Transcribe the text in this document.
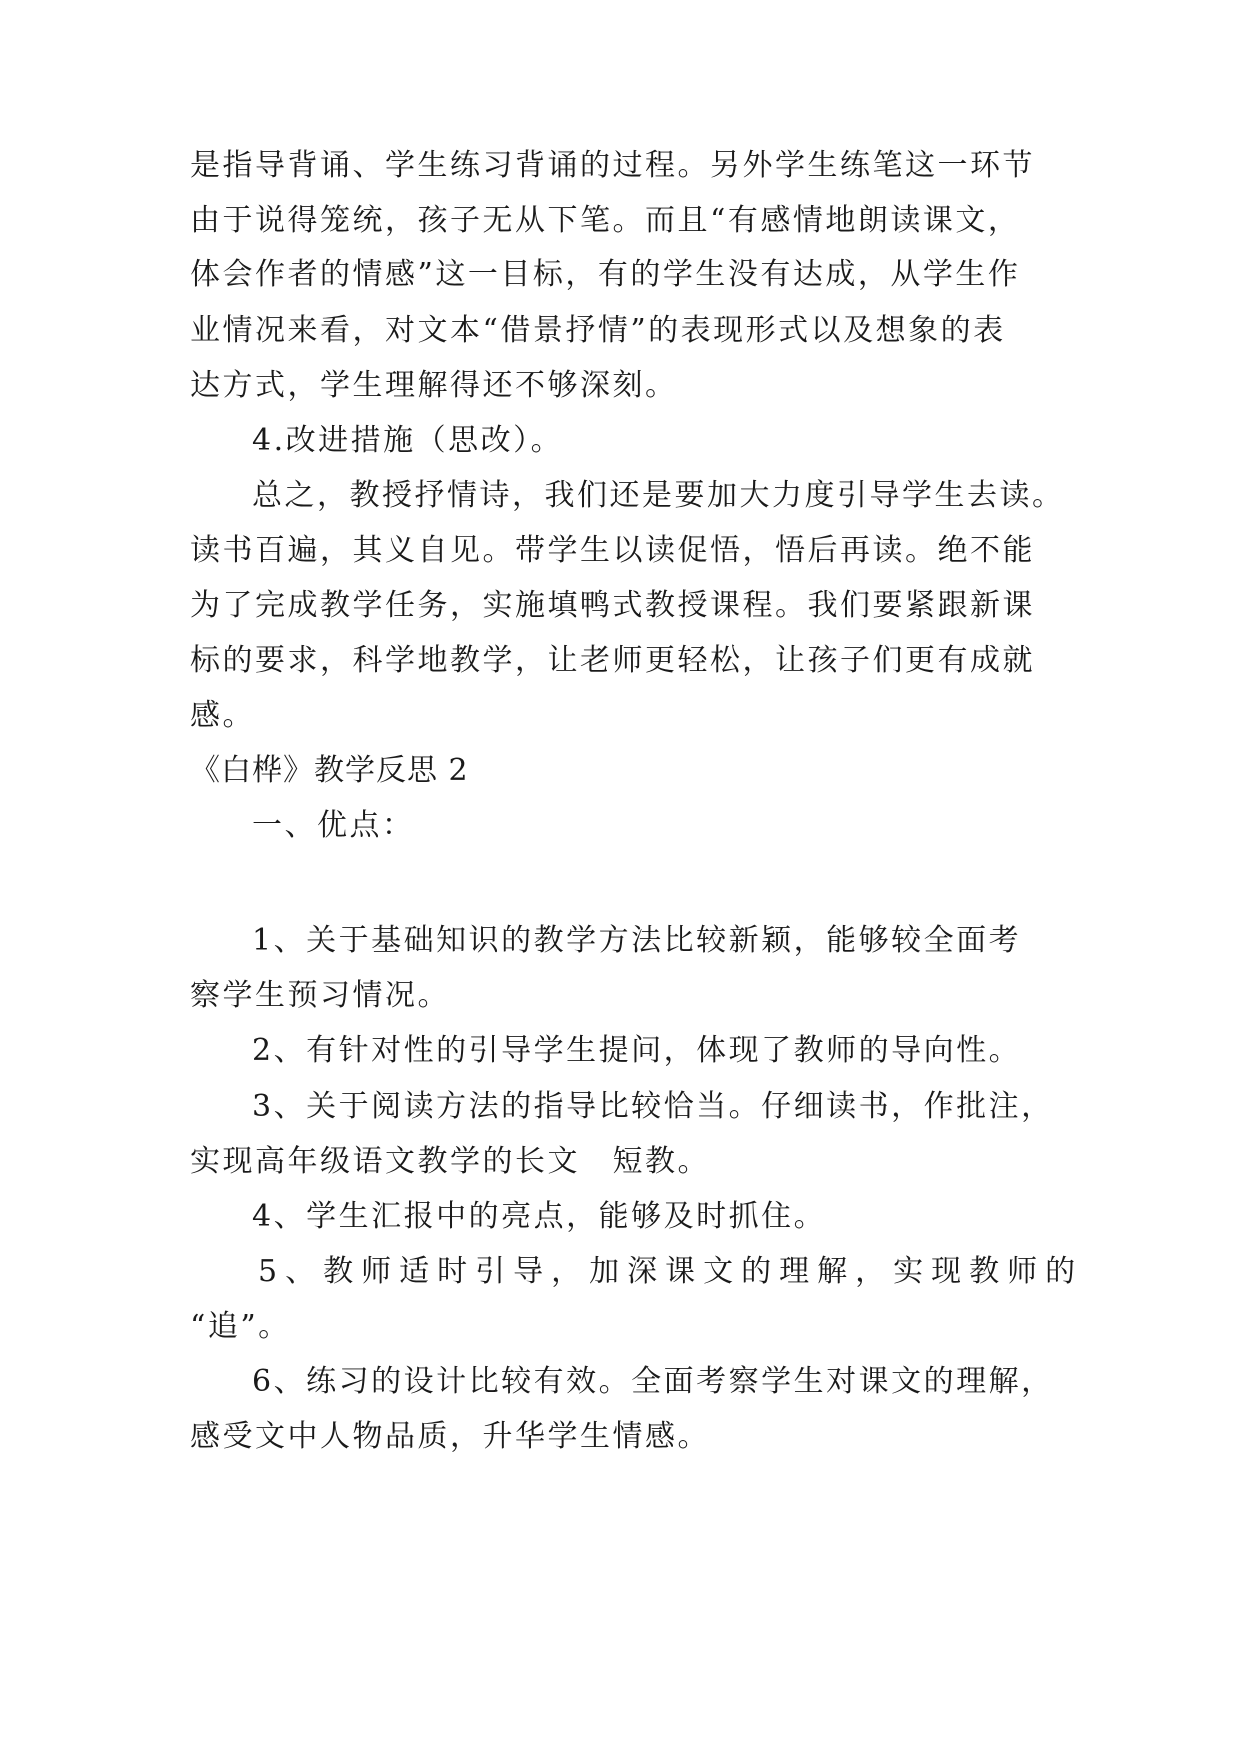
是指导背诵、学生练习背诵的过程。另外学生练笔这一环节
由于说得笼统，孩子无从下笔。而且“有感情地朗读课文，
体会作者的情感”这一目标，有的学生没有达成，从学生作
业情况来看，对文本“借景抒情”的表现形式以及想象的表
达方式，学生理解得还不够深刻。
4.改进措施（思改）。
总之，教授抒情诗，我们还是要加大力度引导学生去读。
读书百遍，其义自见。带学生以读促悟，悟后再读。绝不能
为了完成教学任务，实施填鸭式教授课程。我们要紧跟新课
标的要求，科学地教学，让老师更轻松，让孩子们更有成就
感。
《白桦》教学反思 2
一、优点：
1、关于基础知识的教学方法比较新颖，能够较全面考
察学生预习情况。
2、有针对性的引导学生提问，体现了教师的导向性。
3、关于阅读方法的指导比较恰当。仔细读书，作批注，
实现高年级语文教学的长文　短教。
4、学生汇报中的亮点，能够及时抓住。
5、教师适时引导，加深课文的理解，实现教师的
“追”。
6、练习的设计比较有效。全面考察学生对课文的理解，
感受文中人物品质，升华学生情感。
